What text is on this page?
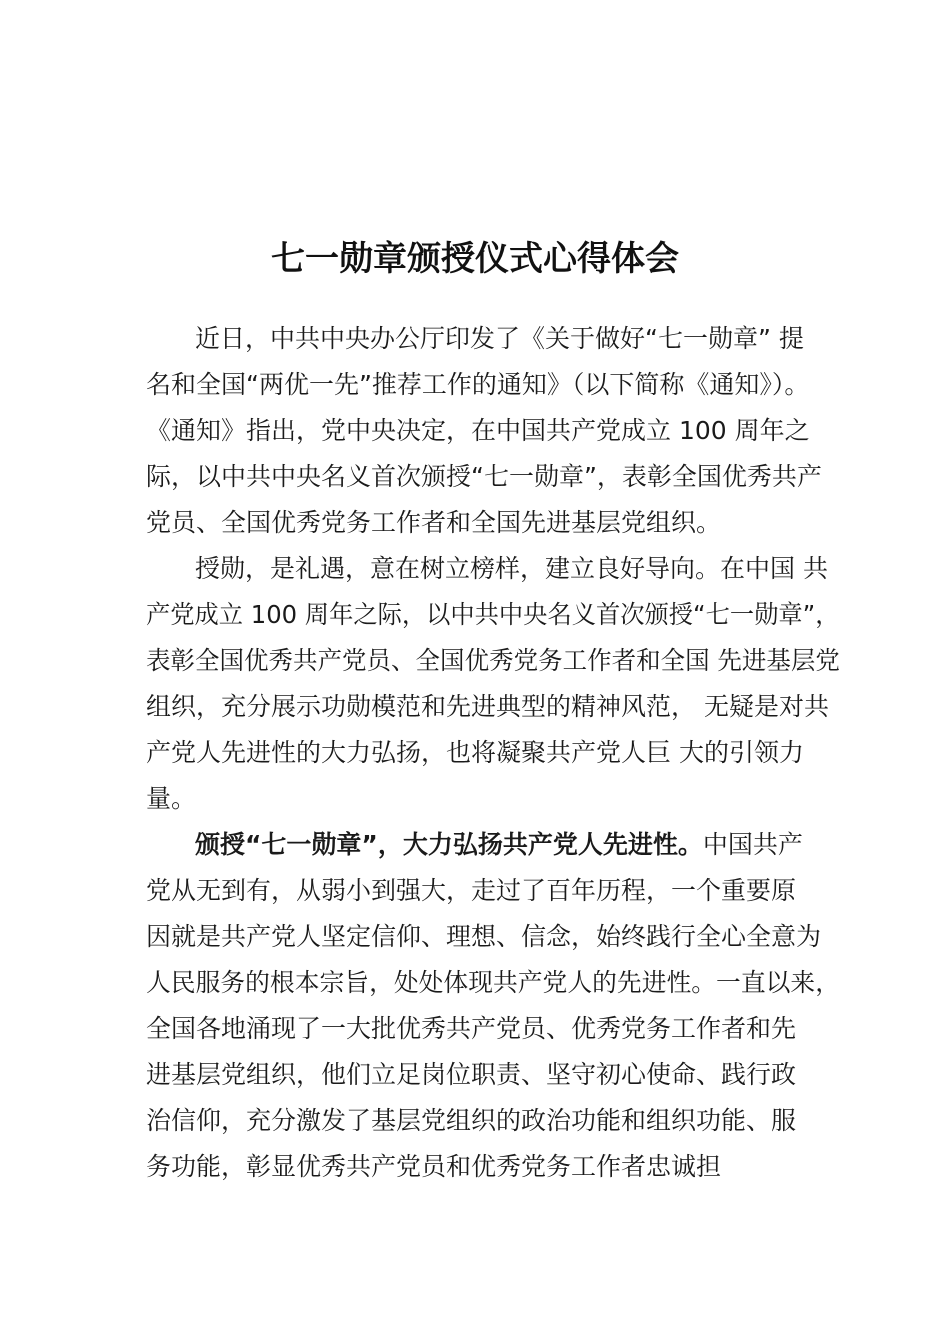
七一勋章颁授仪式心得体会
近日，中共中央办公厅印发了《关于做好“七一勋章” 提
名和全国“两优一先”推荐工作的通知》（以下简称《通知》）。
《通知》指出，党中央决定，在中国共产党成立 100 周年之
际，以中共中央名义首次颁授“七一勋章”，表彰全国优秀共产
党员、全国优秀党务工作者和全国先进基层党组织。
授勋，是礼遇，意在树立榜样，建立良好导向。在中国 共
产党成立 100 周年之际，以中共中央名义首次颁授“七一勋章”，
表彰全国优秀共产党员、全国优秀党务工作者和全国 先进基层党
组织，充分展示功勋模范和先进典型的精神风范， 无疑是对共
产党人先进性的大力弘扬，也将凝聚共产党人巨 大的引领力
量。
颁授“七一勋章”，大力弘扬共产党人先进性。中国共产
党从无到有，从弱小到强大，走过了百年历程，一个重要原
因就是共产党人坚定信仰、理想、信念，始终践行全心全意为
人民服务的根本宗旨，处处体现共产党人的先进性。一直以来，
全国各地涌现了一大批优秀共产党员、优秀党务工作者和先
进基层党组织，他们立足岗位职责、坚守初心使命、践行政
治信仰，充分激发了基层党组织的政治功能和组织功能、服
务功能，彰显优秀共产党员和优秀党务工作者忠诚担
